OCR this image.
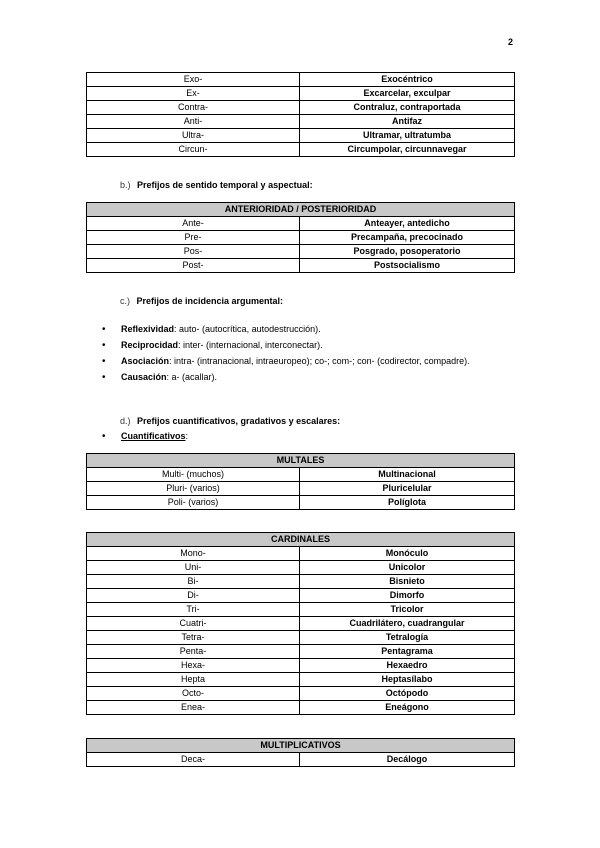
2
Exo-	Exocéntrico
Ex-	Excarcelar, exculpar
Contra-	Contraluz, contraportada
Anti-	Antifaz
Ultra-	Ultramar, ultratumba
Circun-	Circumpolar, circunnavegar
b.) Prefijos de sentido temporal y aspectual:
ANTERIORIDAD / POSTERIORIDAD	
Ante-	Anteayer, antedicho
Pre-	Precampaña, precocinado
Pos-	Posgrado, posoperatorio
Post-	Postsocialismo
c.) Prefijos de incidencia argumental:
• Reflexividad: auto- (autocrítica, autodestrucción).
• Reciprocidad: inter- (internacional, interconectar).
• Asociación: intra- (intranacional, intraeuropeo); co-; com-; con- (codirector, compadre).
• Causación: a- (acallar).
d.) Prefijos cuantificativos, gradativos y escalares:
• Cuantificativos:
MULTALES	
Multi- (muchos)	Multinacional
Pluri- (varios)	Pluricelular
Poli- (varios)	Políglota
CARDINALES	
Mono-	Monóculo
Uni-	Unicolor
Bi-	Bisnieto
Di-	Dimorfo
Tri-	Tricolor
Cuatri-	Cuadrilátero, cuadrangular
Tetra-	Tetralogía
Penta-	Pentagrama
Hexa-	Hexaedro
Hepta	Heptasílabo
Octo-	Octópodo
Enea-	Eneágono
MULTIPLICATIVOS
Deca-	Decálogo
